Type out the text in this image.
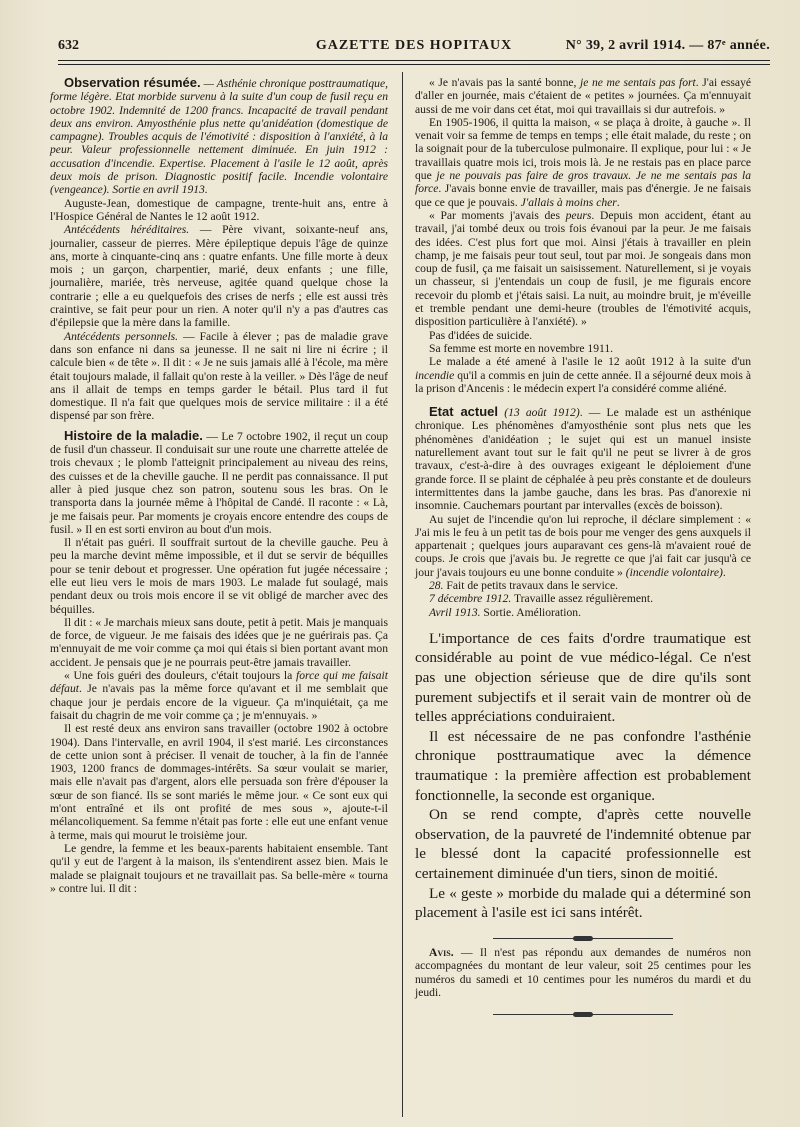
632	GAZETTE DES HOPITAUX	N° 39, 2 avril 1914. — 87ᵉ année.

Observation résumée. — Asthénie chronique posttraumatique, forme légère. Etat morbide survenu à la suite d'un coup de fusil reçu en octobre 1902. Indemnité de 1200 francs. Incapacité de travail pendant deux ans environ. Amyosthénie plus nette qu'anidéation (domestique de campagne). Troubles acquis de l'émotivité : disposition à l'anxiété, à la peur. Valeur professionnelle nettement diminuée. En juin 1912 : accusation d'incendie. Expertise. Placement à l'asile le 12 août, après deux mois de prison. Diagnostic positif facile. Incendie volontaire (vengeance). Sortie en avril 1913.

Auguste-Jean, domestique de campagne, trente-huit ans, entre à l'Hospice Général de Nantes le 12 août 1912.

Antécédents héréditaires. — Père vivant, soixante-neuf ans, journalier, casseur de pierres. Mère épileptique depuis l'âge de quinze ans, morte à cinquante-cinq ans : quatre enfants. Une fille morte à deux mois ; un garçon, charpentier, marié, deux enfants ; une fille, journalière, mariée, très nerveuse, agitée quand quelque chose la contrarie ; elle a eu quelquefois des crises de nerfs ; elle est aussi très craintive, se fait peur pour un rien. A noter qu'il n'y a pas d'autres cas d'épilepsie que la mère dans la famille.

Antécédents personnels. — Facile à élever ; pas de maladie grave dans son enfance ni dans sa jeunesse. Il ne sait ni lire ni écrire ; il calcule bien « de tête ». Il dit : « Je ne suis jamais allé à l'école, ma mère était toujours malade, il fallait qu'on reste à la veiller. » Dès l'âge de neuf ans il allait de temps en temps garder le bétail. Plus tard il fut domestique. Il n'a fait que quelques mois de service militaire : il a été dispensé par son frère.

Histoire de la maladie. — Le 7 octobre 1902, il reçut un coup de fusil d'un chasseur. Il conduisait sur une route une charrette attelée de trois chevaux ; le plomb l'atteignit principalement au niveau des reins, des cuisses et de la cheville gauche. Il ne perdit pas connaissance. Il put aller à pied jusque chez son patron, soutenu sous les bras. On le transporta dans la journée même à l'hôpital de Candé. Il raconte : « Là, je me faisais peur. Par moments je croyais encore entendre des coups de fusil. » Il en est sorti environ au bout d'un mois.

Il n'était pas guéri. Il souffrait surtout de la cheville gauche. Peu à peu la marche devint même impossible, et il dut se servir de béquilles pour se tenir debout et progresser. Une opération fut jugée nécessaire ; elle eut lieu vers le mois de mars 1903. Le malade fut soulagé, mais pendant deux ou trois mois encore il se vit obligé de marcher avec des béquilles.

Il dit : « Je marchais mieux sans doute, petit à petit. Mais je manquais de force, de vigueur. Je me faisais des idées que je ne guérirais pas. Ça m'ennuyait de me voir comme ça moi qui étais si bien portant avant mon accident. Je pensais que je ne pourrais peut-être jamais travailler.

« Une fois guéri des douleurs, c'était toujours la force qui me faisait défaut. Je n'avais pas la même force qu'avant et il me semblait que chaque jour je perdais encore de la vigueur. Ça m'inquiétait, ça me faisait du chagrin de me voir comme ça ; je m'ennuyais. »

Il est resté deux ans environ sans travailler (octobre 1902 à octobre 1904). Dans l'intervalle, en avril 1904, il s'est marié. Les circonstances de cette union sont à préciser. Il venait de toucher, à la fin de l'année 1903, 1200 francs de dommages-intérêts. Sa sœur voulait se marier, mais elle n'avait pas d'argent, alors elle persuada son frère d'épouser la sœur de son fiancé. Ils se sont mariés le même jour. « Ce sont eux qui m'ont entraîné et ils ont profité de mes sous », ajoute-t-il mélancoliquement. Sa femme n'était pas forte : elle eut une enfant venue à terme, mais qui mourut le troisième jour.

Le gendre, la femme et les beaux-parents habitaient ensemble. Tant qu'il y eut de l'argent à la maison, ils s'entendirent assez bien. Mais le malade se plaignait toujours et ne travaillait pas. Sa belle-mère « tourna » contre lui. Il dit :

« Je n'avais pas la santé bonne, je ne me sentais pas fort. J'ai essayé d'aller en journée, mais c'étaient de « petites » journées. Ça m'ennuyait aussi de me voir dans cet état, moi qui travaillais si dur autrefois. »

En 1905-1906, il quitta la maison, « se plaça à droite, à gauche ». Il venait voir sa femme de temps en temps ; elle était malade, du reste ; on la soignait pour de la tuberculose pulmonaire. Il explique, pour lui : « Je travaillais quatre mois ici, trois mois là. Je ne restais pas en place parce que je ne pouvais pas faire de gros travaux. Je ne me sentais pas la force. J'avais bonne envie de travailler, mais pas d'énergie. Je ne faisais que ce que je pouvais. J'allais à moins cher.

« Par moments j'avais des peurs. Depuis mon accident, étant au travail, j'ai tombé deux ou trois fois évanoui par la peur. Je me faisais des idées. C'est plus fort que moi. Ainsi j'étais à travailler en plein champ, je me faisais peur tout seul, tout par moi. Je songeais dans mon coup de fusil, ça me faisait un saisissement. Naturellement, si je voyais un chasseur, si j'entendais un coup de fusil, je me figurais encore recevoir du plomb et j'étais saisi. La nuit, au moindre bruit, je m'éveille et tremble pendant une demi-heure (troubles de l'émotivité acquis, disposition particulière à l'anxiété). »

Pas d'idées de suicide.

Sa femme est morte en novembre 1911.

Le malade a été amené à l'asile le 12 août 1912 à la suite d'un incendie qu'il a commis en juin de cette année. Il a séjourné deux mois à la prison d'Ancenis : le médecin expert l'a considéré comme aliéné.

Etat actuel (13 août 1912). — Le malade est un asthénique chronique. Les phénomènes d'amyosthénie sont plus nets que les phénomènes d'anidéation ; le sujet qui est un manuel insiste naturellement avant tout sur le fait qu'il ne peut se livrer à de gros travaux, c'est-à-dire à des ouvrages exigeant le déploiement d'une grande force. Il se plaint de céphalée à peu près constante et de douleurs intermittentes dans la jambe gauche, dans les bras. Pas d'anorexie ni insomnie. Cauchemars pourtant par intervalles (excès de boisson).

Au sujet de l'incendie qu'on lui reproche, il déclare simplement : « J'ai mis le feu à un petit tas de bois pour me venger des gens auxquels il appartenait ; quelques jours auparavant ces gens-là m'avaient roué de coups. Je crois que j'avais bu. Je regrette ce que j'ai fait car jusqu'à ce jour j'avais toujours eu une bonne conduite » (incendie volontaire).

28. Fait de petits travaux dans le service.

7 décembre 1912. Travaille assez régulièrement.

Avril 1913. Sortie. Amélioration.

L'importance de ces faits d'ordre traumatique est considérable au point de vue médico-légal. Ce n'est pas une objection sérieuse que de dire qu'ils sont purement subjectifs et il serait vain de montrer où de telles appréciations conduiraient.

Il est nécessaire de ne pas confondre l'asthénie chronique posttraumatique avec la démence traumatique : la première affection est probablement fonctionnelle, la seconde est organique.

On se rend compte, d'après cette nouvelle observation, de la pauvreté de l'indemnité obtenue par le blessé dont la capacité professionnelle est certainement diminuée d'un tiers, sinon de moitié.

Le « geste » morbide du malade qui a déterminé son placement à l'asile est ici sans intérêt.

Avis. — Il n'est pas répondu aux demandes de numéros non accompagnées du montant de leur valeur, soit 25 centimes pour les numéros du samedi et 10 centimes pour les numéros du mardi et du jeudi.
